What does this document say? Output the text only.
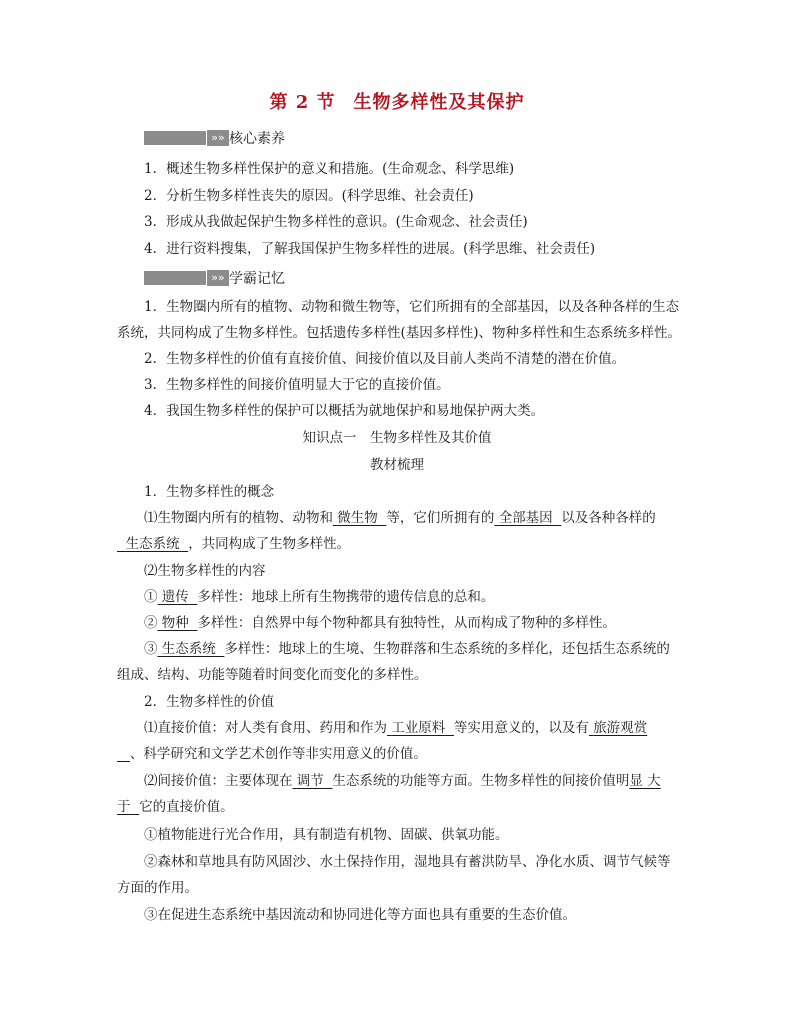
第 2 节 生物多样性及其保护
»» 核心素养
1．概述生物多样性保护的意义和措施。(生命观念、科学思维)
2．分析生物多样性丧失的原因。(科学思维、社会责任)
3．形成从我做起保护生物多样性的意识。(生命观念、社会责任)
4．进行资料搜集，了解我国保护生物多样性的进展。(科学思维、社会责任)
»» 学霸记忆
1．生物圈内所有的植物、动物和微生物等，它们所拥有的全部基因，以及各种各样的生态
系统，共同构成了生物多样性。包括遗传多样性(基因多样性)、物种多样性和生态系统多样性。
2．生物多样性的价值有直接价值、间接价值以及目前人类尚不清楚的潜在价值。
3．生物多样性的间接价值明显大于它的直接价值。
4．我国生物多样性的保护可以概括为就地保护和易地保护两大类。
知识点一　生物多样性及其价值
教材梳理
1．生物多样性的概念
⑴生物圈内所有的植物、动物和 微生物 等，它们所拥有的 全部基因 以及各种各样的
生态系统 ，共同构成了生物多样性。
⑵生物多样性的内容
① 遗传 多样性：地球上所有生物携带的遗传信息的总和。
② 物种 多样性：自然界中每个物种都具有独特性，从而构成了物种的多样性。
③ 生态系统 多样性：地球上的生境、生物群落和生态系统的多样化，还包括生态系统的
组成、结构、功能等随着时间变化而变化的多样性。
2．生物多样性的价值
⑴直接价值：对人类有食用、药用和作为 工业原料 等实用意义的，以及有 旅游观赏
、科学研究和文学艺术创作等非实用意义的价值。
⑵间接价值：主要体现在 调节 生态系统的功能等方面。生物多样性的间接价值明显 大
于 它的直接价值。
①植物能进行光合作用，具有制造有机物、固碳、供氧功能。
②森林和草地具有防风固沙、水土保持作用，湿地具有蓄洪防旱、净化水质、调节气候等
方面的作用。
③在促进生态系统中基因流动和协同进化等方面也具有重要的生态价值。
